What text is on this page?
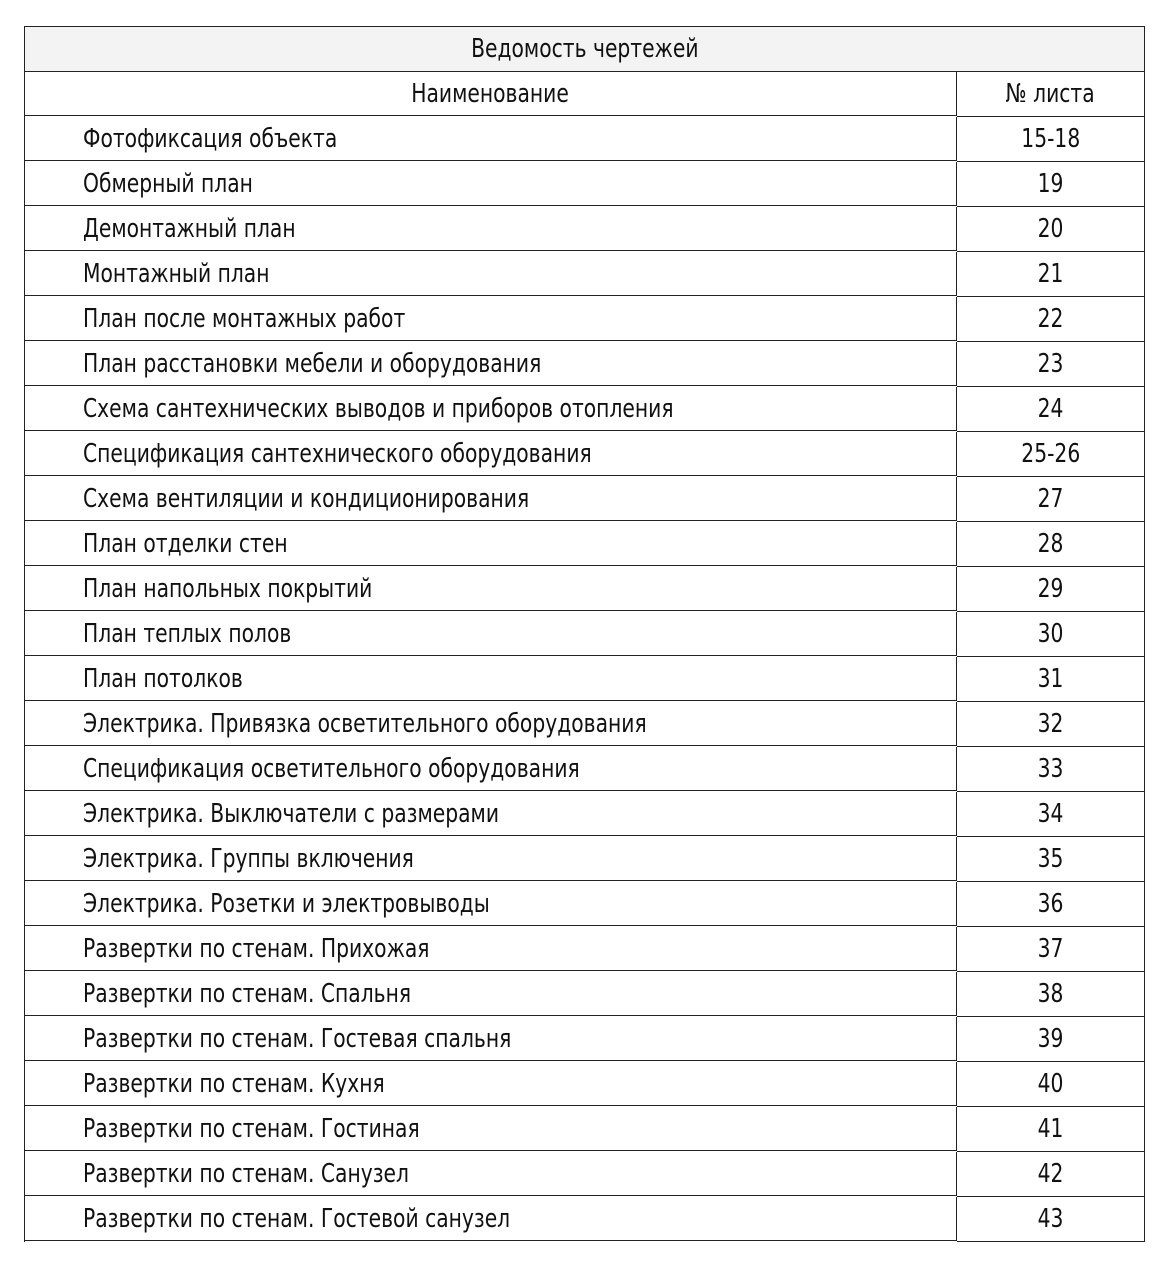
Ведомость чертежей
Наименование	№ листа
Фотофиксация объекта	15-18
Обмерный план	19
Демонтажный план	20
Монтажный план	21
План после монтажных работ	22
План расстановки мебели и оборудования	23
Схема сантехнических выводов и приборов отопления	24
Спецификация сантехнического оборудования	25-26
Схема вентиляции и кондиционирования	27
План отделки стен	28
План напольных покрытий	29
План теплых полов	30
План потолков	31
Электрика. Привязка осветительного оборудования	32
Спецификация осветительного оборудования	33
Электрика. Выключатели с размерами	34
Электрика. Группы включения	35
Электрика. Розетки и электровыводы	36
Развертки по стенам. Прихожая	37
Развертки по стенам. Спальня	38
Развертки по стенам. Гостевая спальня	39
Развертки по стенам. Кухня	40
Развертки по стенам. Гостиная	41
Развертки по стенам. Санузел	42
Развертки по стенам. Гостевой санузел	43
